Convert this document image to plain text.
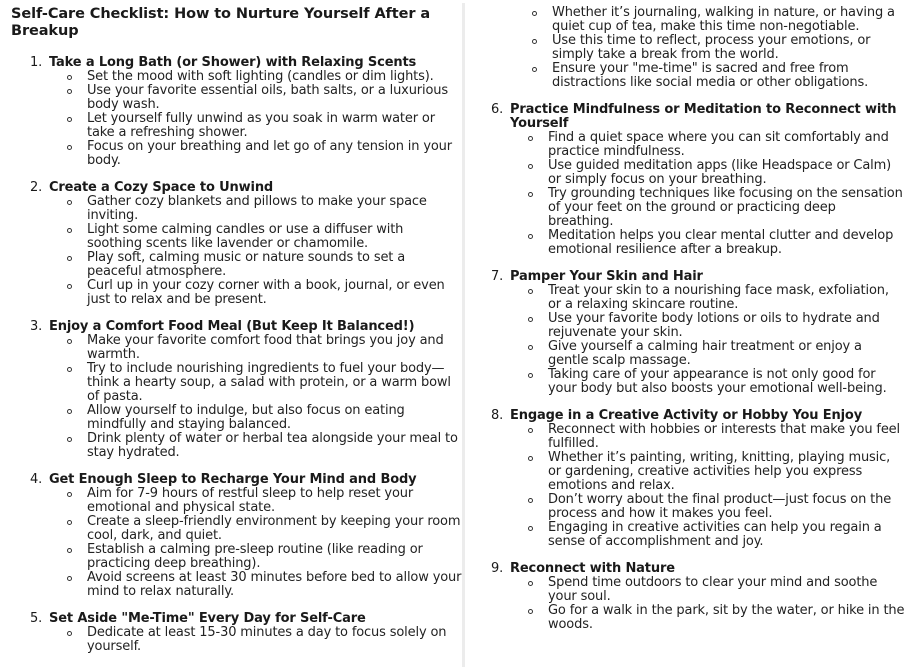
Self-Care Checklist: How to Nurture Yourself After a Breakup
1. Take a Long Bath (or Shower) with Relaxing Scents
Set the mood with soft lighting (candles or dim lights).
Use your favorite essential oils, bath salts, or a luxurious body wash.
Let yourself fully unwind as you soak in warm water or take a refreshing shower.
Focus on your breathing and let go of any tension in your body.
2. Create a Cozy Space to Unwind
Gather cozy blankets and pillows to make your space inviting.
Light some calming candles or use a diffuser with soothing scents like lavender or chamomile.
Play soft, calming music or nature sounds to set a peaceful atmosphere.
Curl up in your cozy corner with a book, journal, or even just to relax and be present.
3. Enjoy a Comfort Food Meal (But Keep It Balanced!)
Make your favorite comfort food that brings you joy and warmth.
Try to include nourishing ingredients to fuel your body—think a hearty soup, a salad with protein, or a warm bowl of pasta.
Allow yourself to indulge, but also focus on eating mindfully and staying balanced.
Drink plenty of water or herbal tea alongside your meal to stay hydrated.
4. Get Enough Sleep to Recharge Your Mind and Body
Aim for 7-9 hours of restful sleep to help reset your emotional and physical state.
Create a sleep-friendly environment by keeping your room cool, dark, and quiet.
Establish a calming pre-sleep routine (like reading or practicing deep breathing).
Avoid screens at least 30 minutes before bed to allow your mind to relax naturally.
5. Set Aside "Me-Time" Every Day for Self-Care
Dedicate at least 15-30 minutes a day to focus solely on yourself.
Whether it’s journaling, walking in nature, or having a quiet cup of tea, make this time non-negotiable.
Use this time to reflect, process your emotions, or simply take a break from the world.
Ensure your "me-time" is sacred and free from distractions like social media or other obligations.
6. Practice Mindfulness or Meditation to Reconnect with Yourself
Find a quiet space where you can sit comfortably and practice mindfulness.
Use guided meditation apps (like Headspace or Calm) or simply focus on your breathing.
Try grounding techniques like focusing on the sensation of your feet on the ground or practicing deep breathing.
Meditation helps you clear mental clutter and develop emotional resilience after a breakup.
7. Pamper Your Skin and Hair
Treat your skin to a nourishing face mask, exfoliation, or a relaxing skincare routine.
Use your favorite body lotions or oils to hydrate and rejuvenate your skin.
Give yourself a calming hair treatment or enjoy a gentle scalp massage.
Taking care of your appearance is not only good for your body but also boosts your emotional well-being.
8. Engage in a Creative Activity or Hobby You Enjoy
Reconnect with hobbies or interests that make you feel fulfilled.
Whether it’s painting, writing, knitting, playing music, or gardening, creative activities help you express emotions and relax.
Don’t worry about the final product—just focus on the process and how it makes you feel.
Engaging in creative activities can help you regain a sense of accomplishment and joy.
9. Reconnect with Nature
Spend time outdoors to clear your mind and soothe your soul.
Go for a walk in the park, sit by the water, or hike in the woods.
